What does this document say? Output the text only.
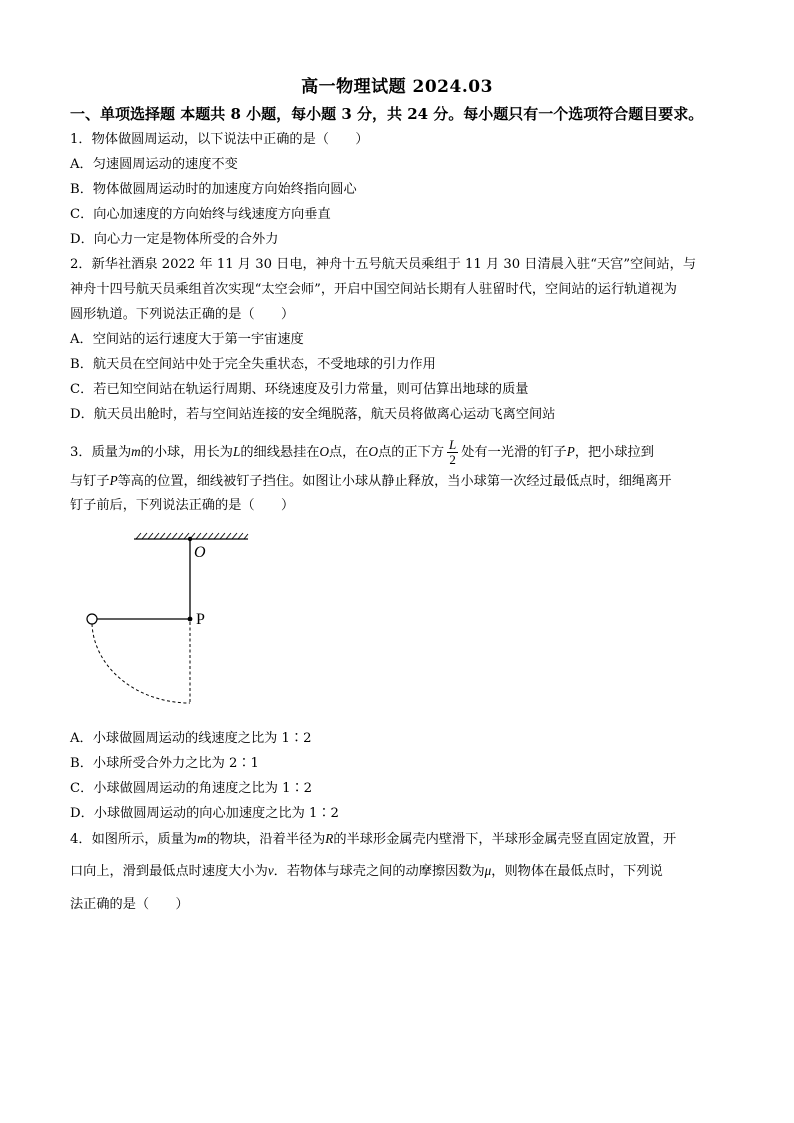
高一物理试题 2024.03
一、单项选择题 本题共 8 小题，每小题 3 分，共 24 分。每小题只有一个选项符合题目要求。
1．物体做圆周运动，以下说法中正确的是（　　）
A．匀速圆周运动的速度不变
B．物体做圆周运动时的加速度方向始终指向圆心
C．向心加速度的方向始终与线速度方向垂直
D．向心力一定是物体所受的合外力
2．新华社酒泉 2022 年 11 月 30 日电，神舟十五号航天员乘组于 11 月 30 日清晨入驻“天宫”空间站，与
神舟十四号航天员乘组首次实现“太空会师”，开启中国空间站长期有人驻留时代，空间站的运行轨道视为
圆形轨道。下列说法正确的是（　　）
A．空间站的运行速度大于第一宇宙速度
B．航天员在空间站中处于完全失重状态，不受地球的引力作用
C．若已知空间站在轨运行周期、环绕速度及引力常量，则可估算出地球的质量
D．航天员出舱时，若与空间站连接的安全绳脱落，航天员将做离心运动飞离空间站
3．质量为m的小球，用长为L的细线悬挂在O点，在O点的正下方 $\frac{L}{2}$ 处有一光滑的钉子P，把小球拉到
与钉子P等高的位置，细线被钉子挡住。如图让小球从静止释放，当小球第一次经过最低点时，细绳离开
钉子前后，下列说法正确的是（　　）
O
P
A．小球做圆周运动的线速度之比为 1∶2
B．小球所受合外力之比为 2∶1
C．小球做圆周运动的角速度之比为 1∶2
D．小球做圆周运动的向心加速度之比为 1∶2
4．如图所示，质量为m的物块，沿着半径为R的半球形金属壳内壁滑下，半球形金属壳竖直固定放置，开
口向上，滑到最低点时速度大小为v．若物体与球壳之间的动摩擦因数为μ，则物体在最低点时，下列说
法正确的是（　　）
